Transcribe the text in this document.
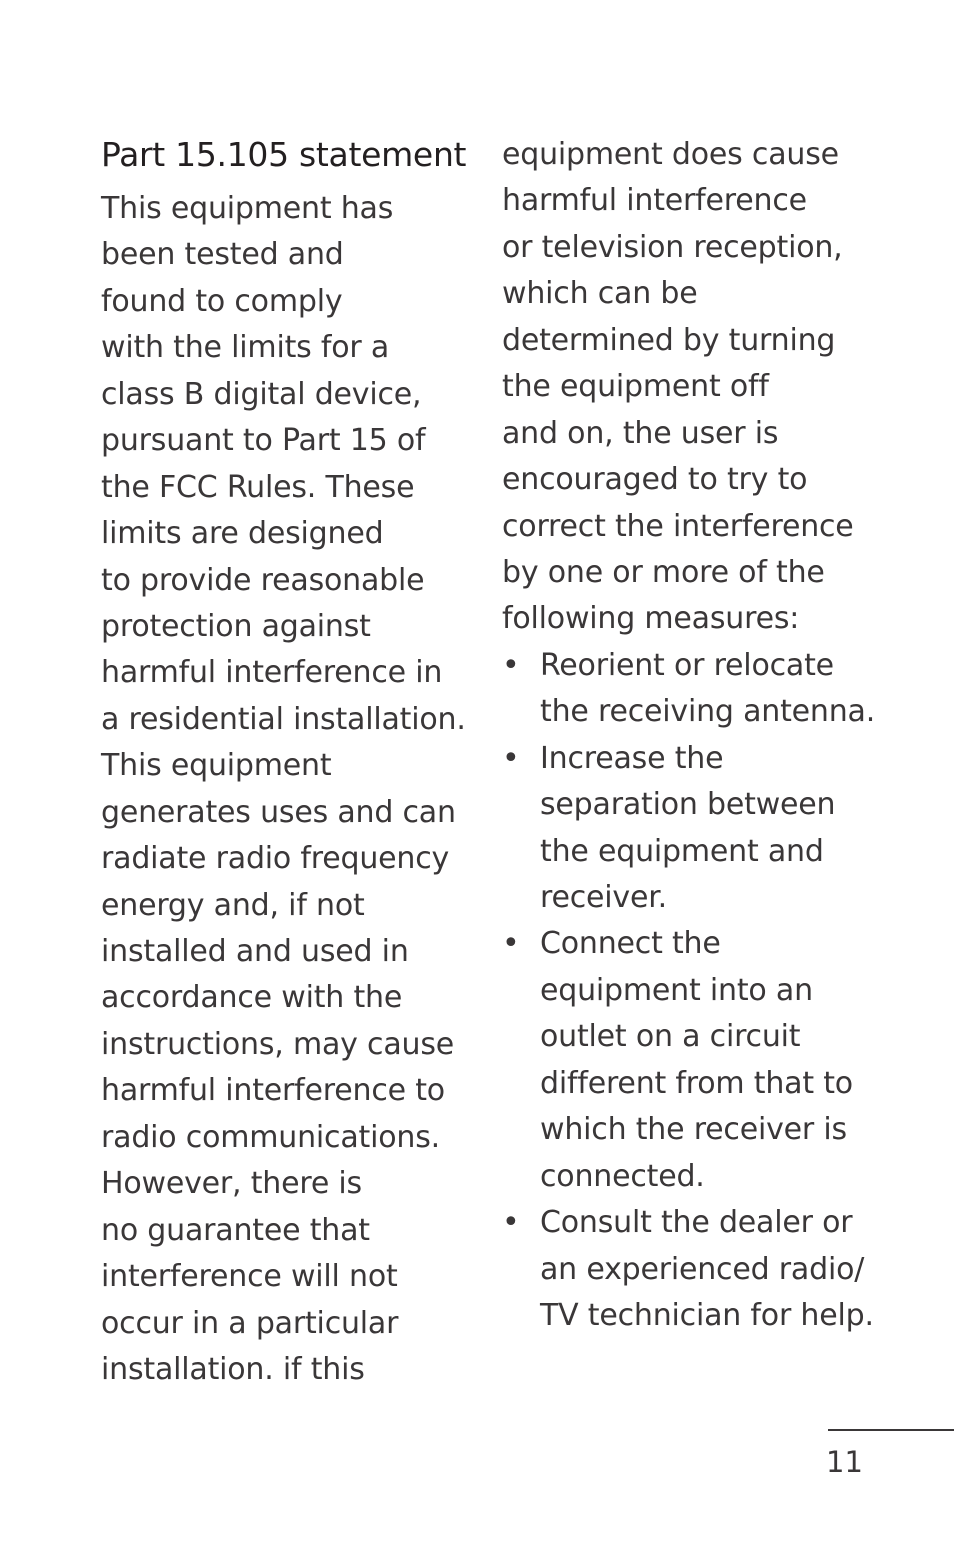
Part 15.105 statement
This equipment has
been tested and
found to comply
with the limits for a
class B digital device,
pursuant to Part 15 of
the FCC Rules. These
limits are designed
to provide reasonable
protection against
harmful interference in
a residential installation.
This equipment
generates uses and can
radiate radio frequency
energy and, if not
installed and used in
accordance with the
instructions, may cause
harmful interference to
radio communications.
However, there is
no guarantee that
interference will not
occur in a particular
installation. if this
equipment does cause
harmful interference
or television reception,
which can be
determined by turning
the equipment off
and on, the user is
encouraged to try to
correct the interference
by one or more of the
following measures:
• Reorient or relocate
the receiving antenna.
• Increase the
separation between
the equipment and
receiver.
• Connect the
equipment into an
outlet on a circuit
different from that to
which the receiver is
connected.
• Consult the dealer or
an experienced radio/
TV technician for help.
11
